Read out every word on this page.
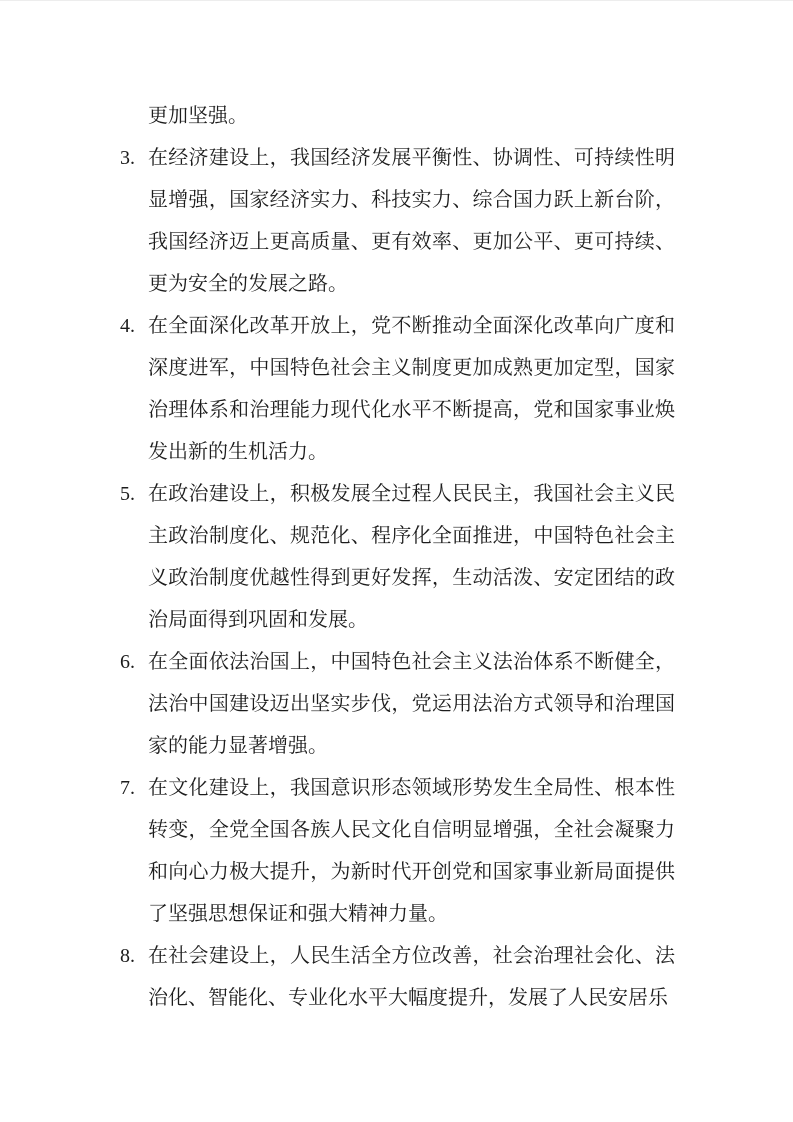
更加坚强。
3. 在经济建设上，我国经济发展平衡性、协调性、可持续性明显增强，国家经济实力、科技实力、综合国力跃上新台阶，我国经济迈上更高质量、更有效率、更加公平、更可持续、更为安全的发展之路。
4. 在全面深化改革开放上，党不断推动全面深化改革向广度和深度进军，中国特色社会主义制度更加成熟更加定型，国家治理体系和治理能力现代化水平不断提高，党和国家事业焕发出新的生机活力。
5. 在政治建设上，积极发展全过程人民民主，我国社会主义民主政治制度化、规范化、程序化全面推进，中国特色社会主义政治制度优越性得到更好发挥，生动活泼、安定团结的政治局面得到巩固和发展。
6. 在全面依法治国上，中国特色社会主义法治体系不断健全，法治中国建设迈出坚实步伐，党运用法治方式领导和治理国家的能力显著增强。
7. 在文化建设上，我国意识形态领域形势发生全局性、根本性转变，全党全国各族人民文化自信明显增强，全社会凝聚力和向心力极大提升，为新时代开创党和国家事业新局面提供了坚强思想保证和强大精神力量。
8. 在社会建设上，人民生活全方位改善，社会治理社会化、法治化、智能化、专业化水平大幅度提升，发展了人民安居乐
